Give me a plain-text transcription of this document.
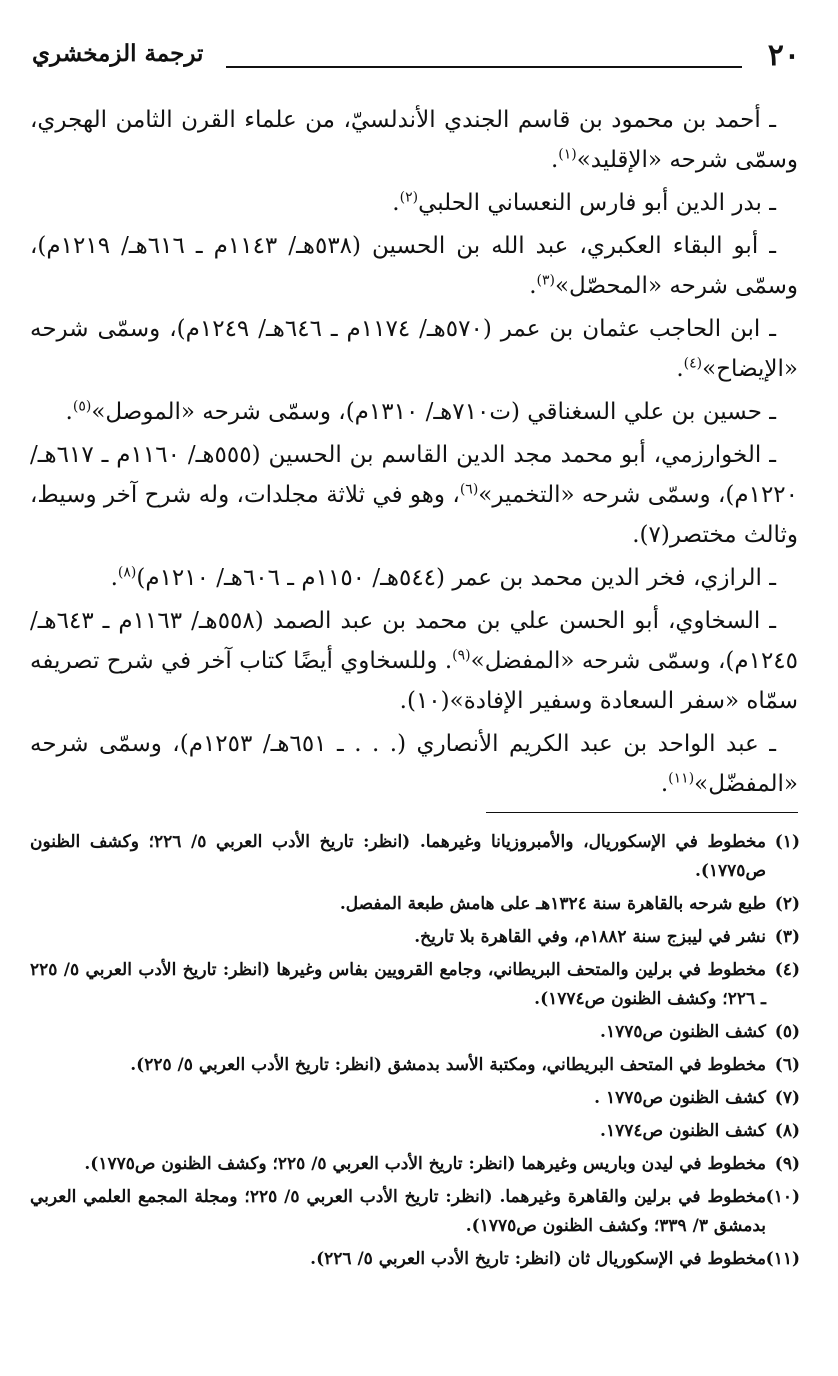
٢٠
ترجمة الزمخشري

ـ أحمد بن محمود بن قاسم الجندي الأندلسيّ، من علماء القرن الثامن الهجري، وسمّى شرحه «الإقليد»$^{(١)}$.

ـ بدر الدين أبو فارس النعساني الحلبي$^{(٢)}$.

ـ أبو البقاء العكبري، عبد الله بن الحسين (٥٣٨هـ/ ١١٤٣م ـ ٦١٦هـ/ ١٢١٩م)، وسمّى شرحه «المحصّل»$^{(٣)}$.

ـ ابن الحاجب عثمان بن عمر (٥٧٠هـ/ ١١٧٤م ـ ٦٤٦هـ/ ١٢٤٩م)، وسمّى شرحه «الإيضاح»$^{(٤)}$.

ـ حسين بن علي السغناقي (ت٧١٠هـ/ ١٣١٠م)، وسمّى شرحه «الموصل»$^{(٥)}$.

ـ الخوارزمي، أبو محمد مجد الدين القاسم بن الحسين (٥٥٥هـ/ ١١٦٠م ـ ٦١٧هـ/ ١٢٢٠م)، وسمّى شرحه «التخمير»$^{(٦)}$، وهو في ثلاثة مجلدات، وله شرح آخر وسيط، وثالث مختصر(٧).

ـ الرازي، فخر الدين محمد بن عمر (٥٤٤هـ/ ١١٥٠م ـ ٦٠٦هـ/ ١٢١٠م)$^{(٨)}$.

ـ السخاوي، أبو الحسن علي بن محمد بن عبد الصمد (٥٥٨هـ/ ١١٦٣م ـ ٦٤٣هـ/ ١٢٤٥م)، وسمّى شرحه «المفضل»$^{(٩)}$. وللسخاوي أيضًا كتاب آخر في شرح تصريفه سمّاه «سفر السعادة وسفير الإفادة»(١٠).

ـ عبد الواحد بن عبد الكريم الأنصاري (. . . ـ ٦٥١هـ/ ١٢٥٣م)، وسمّى شرحه «المفضّل»$^{(١١)}$.

(١)مخطوط في الإسكوريال، والأمبروزيانا وغيرهما. (انظر: تاريخ الأدب العربي ٥/ ٢٢٦؛ وكشف الظنون ص١٧٧٥).

(٢)طبع شرحه بالقاهرة سنة ١٣٢٤هـ على هامش طبعة المفصل.

(٣)نشر في ليبزج سنة ١٨٨٢م، وفي القاهرة بلا تاريخ.

(٤)مخطوط في برلين والمتحف البريطاني، وجامع القرويين بفاس وغيرها (انظر: تاريخ الأدب العربي ٥/ ٢٢٥ ـ ٢٢٦؛ وكشف الظنون ص١٧٧٤).

(٥)كشف الظنون ص١٧٧٥.

(٦)مخطوط في المتحف البريطاني، ومكتبة الأسد بدمشق (انظر: تاريخ الأدب العربي ٥/ ٢٢٥).

(٧)كشف الظنون ص١٧٧٥ .

(٨)كشف الظنون ص١٧٧٤.

(٩)مخطوط في ليدن وباريس وغيرهما (انظر: تاريخ الأدب العربي ٥/ ٢٢٥؛ وكشف الظنون ص١٧٧٥).

(١٠)مخطوط في برلين والقاهرة وغيرهما. (انظر: تاريخ الأدب العربي ٥/ ٢٢٥؛ ومجلة المجمع العلمي العربي بدمشق ٣/ ٣٣٩؛ وكشف الظنون ص١٧٧٥).

(١١)مخطوط في الإسكوريال ثان (انظر: تاريخ الأدب العربي ٥/ ٢٢٦).
